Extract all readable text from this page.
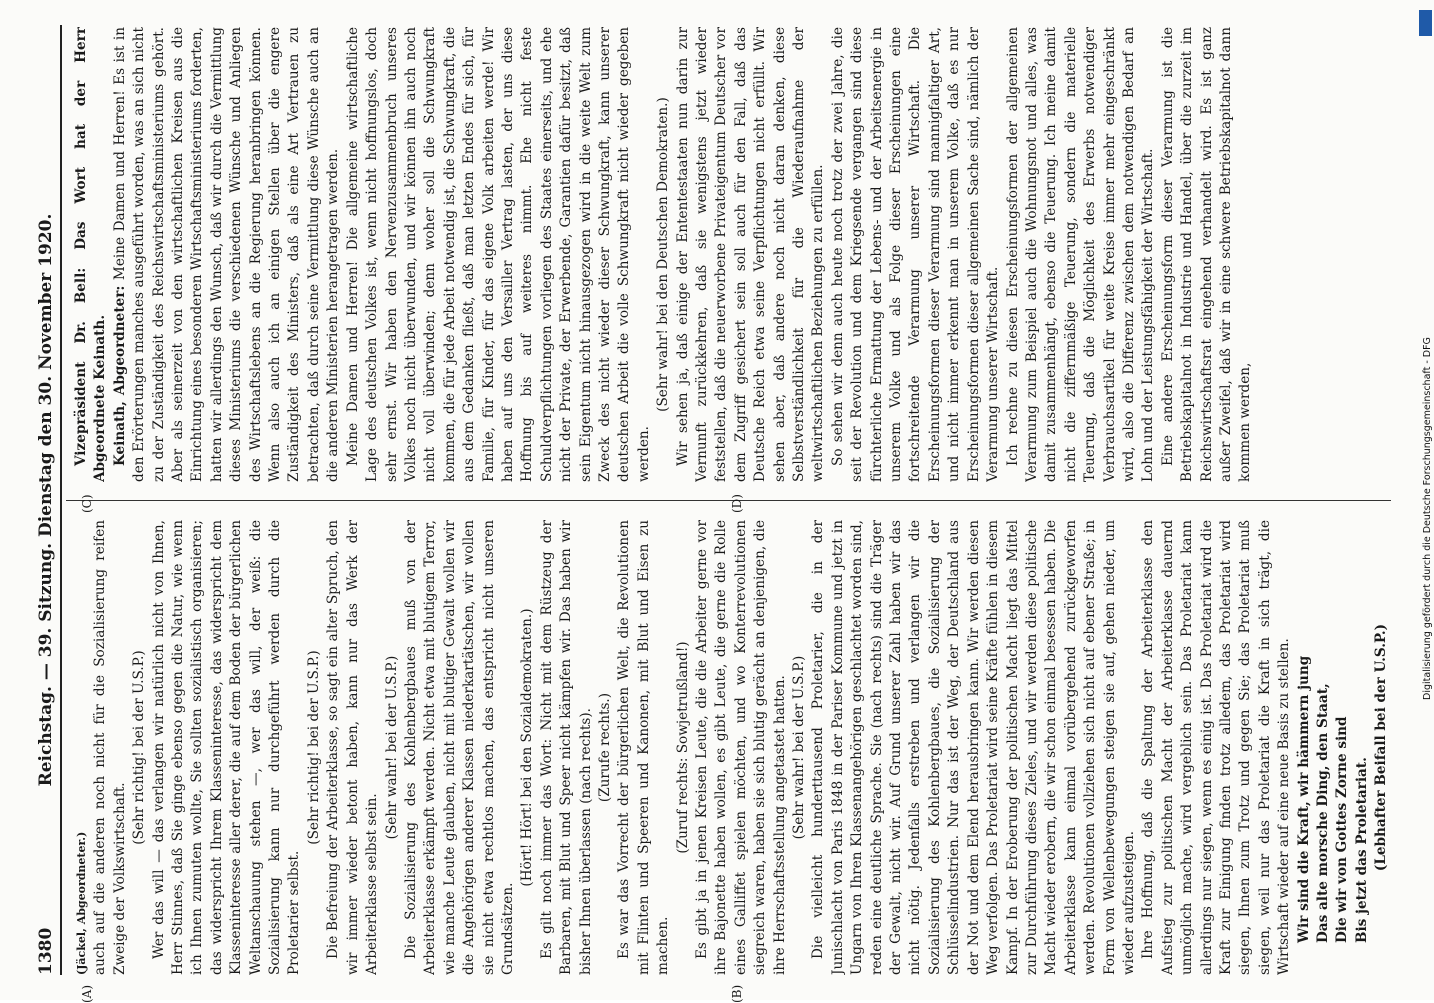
1380
Reichstag. — 39. Sitzung. Dienstag den 30. November 1920.
(A)	(B)
(C)	(D)

(Jäckel, Abgeordneter.) auch auf die anderen noch nicht für die Sozialisierung reifen Zweige der Volkswirtschaft.

(Sehr richtig! bei der U.S.P.) Wer das will — das verlangen wir natürlich nicht von Ihnen, Herr Stinnes, daß Sie ginge ebenso gegen die Natur, wie wenn ich Ihnen zumuten wollte, Sie sollten sozialistisch organisieren; das widerspricht Ihrem Klasseninteresse, das widerspricht dem Klasseninteresse aller derer, die auf dem Boden der bürgerlichen Weltanschauung stehen —, wer das will, der weiß: die Sozialisierung kann nur durchgeführt werden durch die Proletarier selbst.

(Sehr richtig! bei der U.S.P.) Die Befreiung der Arbeiterklasse, so sagt ein alter Spruch, den wir immer wieder betont haben, kann nur das Werk der Arbeiterklasse selbst sein.

(Sehr wahr! bei der U.S.P.) Die Sozialisierung des Kohlenbergbaues muß von der Arbeiterklasse erkämpft werden. Nicht etwa mit blutigem Terror, wie manche Leute glauben, nicht mit blutiger Gewalt wollen wir die Angehörigen anderer Klassen niederkartätschen, wir wollen sie nicht etwa rechtlos machen, das entspricht nicht unseren Grundsätzen.

(Hört! Hört! bei den Sozialdemokraten.) Es gilt noch immer das Wort: Nicht mit dem Rüstzeug der Barbaren, mit Blut und Speer nicht kämpfen wir. Das haben wir bisher Ihnen überlassen (nach rechts). (Zurufe rechts.) Es war das Vorrecht der bürgerlichen Welt, die Revolutionen mit Flinten und Speeren und Kanonen, mit Blut und Eisen zu machen.

(Zuruf rechts: Sowjetrußland!) Es gibt ja in jenen Kreisen Leute, die die Arbeiter gerne vor ihre Bajonette haben wollen, es gibt Leute, die gerne die Rolle eines Galliffet spielen möchten, und wo Konterrevolutionen siegreich waren, haben sie sich blutig gerächt an denjenigen, die ihre Herrschaftsstellung angetastet hatten. (Sehr wahr! bei der U.S.P.) Die vielleicht hunderttausend Proletarier, die in der Junischlacht von Paris 1848 in der Pariser Kommune und jetzt in Ungarn von Ihren Klassenangehörigen geschlachtet worden sind, reden eine deutliche Sprache. Sie (nach rechts) sind die Träger der Gewalt, nicht wir. Auf Grund unserer Zahl haben wir das nicht nötig. Jedenfalls erstreben und verlangen wir die Sozialisierung des Kohlenbergbaues, die Sozialisierung der Schlüsselindustrien. Nur das ist der Weg, der Deutschland aus der Not und dem Elend herausbringen kann. Wir werden diesen Weg verfolgen. Das Proletariat wird seine Kräfte fühlen in diesem Kampf. In der Eroberung der politischen Macht liegt das Mittel zur Durchführung dieses Zieles, und wir werden diese politische Macht wieder erobern, die wir schon einmal besessen haben. Die Arbeiterklasse kann einmal vorübergehend zurückgeworfen werden. Revolutionen vollziehen sich nicht auf ebener Straße; in Form von Wellenbewegungen steigen sie auf, gehen nieder, um wieder aufzusteigen. Ihre Hoffnung, daß die Spaltung der Arbeiterklasse den Aufstieg zur politischen Macht der Arbeiterklasse dauernd unmöglich mache, wird vergeblich sein. Das Proletariat kann allerdings nur siegen, wenn es einig ist. Das Proletariat wird die Kraft zur Einigung finden trotz alledem, das Proletariat wird siegen, Ihnen zum Trotz und gegen Sie; das Proletariat muß siegen, weil nur das Proletariat die Kraft in sich trägt, die Wirtschaft wieder auf eine neue Basis zu stellen. Wir sind die Kraft, wir hämmern jung Das alte morsche Ding, den Staat, Die wir von Gottes Zorne sind Bis jetzt das Proletariat. (Lebhafter Beifall bei der U.S.P.)

Vizepräsident Dr. Bell: Das Wort hat der Herr Abgeordnete Keinath. Keinath, Abgeordneter: Meine Damen und Herren! Es ist in den Erörterungen manches ausgeführt worden, was an sich nicht zu der Zuständigkeit des Reichswirtschaftsministeriums gehört. Aber als seinerzeit von den wirtschaftlichen Kreisen aus die Einrichtung eines besonderen Wirtschaftsministeriums forderten, hatten wir allerdings den Wunsch, daß wir durch die Vermittlung dieses Ministeriums die verschiedenen Wünsche und Anliegen des Wirtschaftslebens an die Regierung heranbringen können. Wenn also auch ich an einigen Stellen über die engere Zuständigkeit des Ministers, daß als eine Art Vertrauen zu betrachten, daß durch seine Vermittlung diese Wünsche auch an die anderen Ministerien herangetragen werden. Meine Damen und Herren! Die allgemeine wirtschaftliche Lage des deutschen Volkes ist, wenn nicht hoffnungslos, doch sehr ernst. Wir haben den Nervenzusammenbruch unseres Volkes noch nicht überwunden, und wir können ihn auch noch nicht voll überwinden; denn woher soll die Schwungkraft kommen, die für jede Arbeit notwendig ist, die Schwungkraft, die aus dem Gedanken fließt, daß man letzten Endes für sich, für Familie, für Kinder, für das eigene Volk arbeiten werde! Wir haben auf uns den Versailler Vertrag lasten, der uns diese Hoffnung bis auf weiteres nimmt. Ehe nicht feste Schuldverpflichtungen vorliegen des Staates einerseits, und ehe nicht der Private, der Erwerbende, Garantien dafür besitzt, daß sein Eigentum nicht hinausgezogen wird in die weite Welt zum Zweck des nicht wieder dieser Schwungkraft, kann unserer deutschen Arbeit die volle Schwungkraft nicht wieder gegeben werden.

(Sehr wahr! bei den Deutschen Demokraten.) Wir sehen ja, daß einige der Ententestaaten nun darin zur Vernunft zurückkehren, daß sie wenigstens jetzt wieder feststellen, daß die neuerworbene Privateigentum Deutscher vor dem Zugriff gesichert sein soll auch für den Fall, daß das Deutsche Reich etwa seine Verpflichtungen nicht erfüllt. Wir sehen aber, daß andere noch nicht daran denken, diese Selbstverständlichkeit für die Wiederaufnahme der weltwirtschaftlichen Beziehungen zu erfüllen. So sehen wir denn auch heute noch trotz der zwei Jahre, die seit der Revolution und dem Kriegsende vergangen sind diese fürchterliche Ermattung der Lebens- und der Arbeitsenergie in unserem Volke und als Folge dieser Erscheinungen eine fortschreitende Verarmung unserer Wirtschaft. Die Erscheinungsformen dieser Verarmung sind mannigfaltiger Art, und nicht immer erkennt man in unserem Volke, daß es nur Erscheinungsformen dieser allgemeinen Sache sind, nämlich der Verarmung unserer Wirtschaft. Ich rechne zu diesen Erscheinungsformen der allgemeinen Verarmung zum Beispiel auch die Wohnungsnot und alles, was damit zusammenhängt, ebenso die Teuerung. Ich meine damit nicht die ziffernmäßige Teuerung, sondern die materielle Teuerung, daß die Möglichkeit des Erwerbs notwendiger Verbrauchsartikel für weite Kreise immer mehr eingeschränkt wird, also die Differenz zwischen dem notwendigen Bedarf an Lohn und der Leistungsfähigkeit der Wirtschaft. Eine andere Erscheinungsform dieser Verarmung ist die Betriebskapitalnot in Industrie und Handel, über die zurzeit im Reichswirtschaftsrat eingehend verhandelt wird. Es ist ganz außer Zweifel, daß wir in eine schwere Betriebskapitalnot dann kommen werden,	Digitalisierung gefördert durch die Deutsche Forschungsgemeinschaft - DFG
